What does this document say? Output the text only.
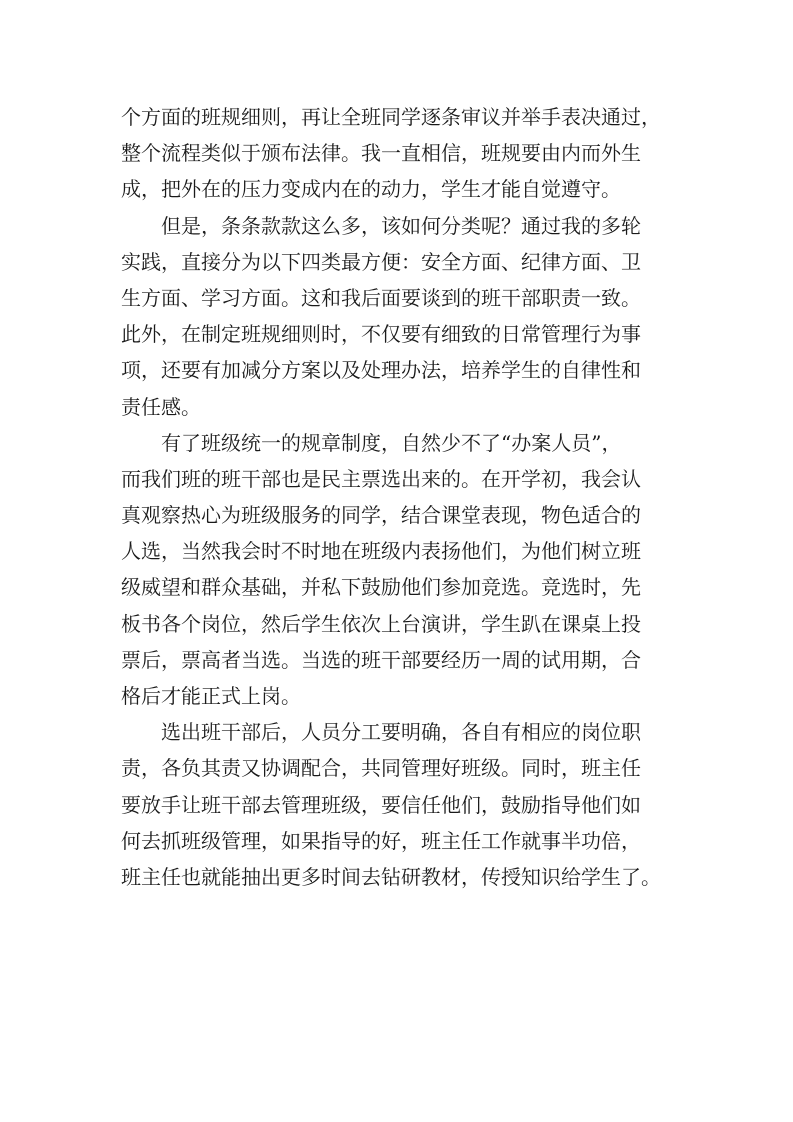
个方面的班规细则，再让全班同学逐条审议并举手表决通过，
整个流程类似于颁布法律。我一直相信，班规要由内而外生
成，把外在的压力变成内在的动力，学生才能自觉遵守。
但是，条条款款这么多，该如何分类呢？通过我的多轮
实践，直接分为以下四类最方便：安全方面、纪律方面、卫
生方面、学习方面。这和我后面要谈到的班干部职责一致。
此外，在制定班规细则时，不仅要有细致的日常管理行为事
项，还要有加减分方案以及处理办法，培养学生的自律性和
责任感。
有了班级统一的规章制度，自然少不了“办案人员”，
而我们班的班干部也是民主票选出来的。在开学初，我会认
真观察热心为班级服务的同学，结合课堂表现，物色适合的
人选，当然我会时不时地在班级内表扬他们，为他们树立班
级威望和群众基础，并私下鼓励他们参加竞选。竞选时，先
板书各个岗位，然后学生依次上台演讲，学生趴在课桌上投
票后，票高者当选。当选的班干部要经历一周的试用期，合
格后才能正式上岗。
选出班干部后，人员分工要明确，各自有相应的岗位职
责，各负其责又协调配合，共同管理好班级。同时，班主任
要放手让班干部去管理班级，要信任他们，鼓励指导他们如
何去抓班级管理，如果指导的好，班主任工作就事半功倍，
班主任也就能抽出更多时间去钻研教材，传授知识给学生了。
